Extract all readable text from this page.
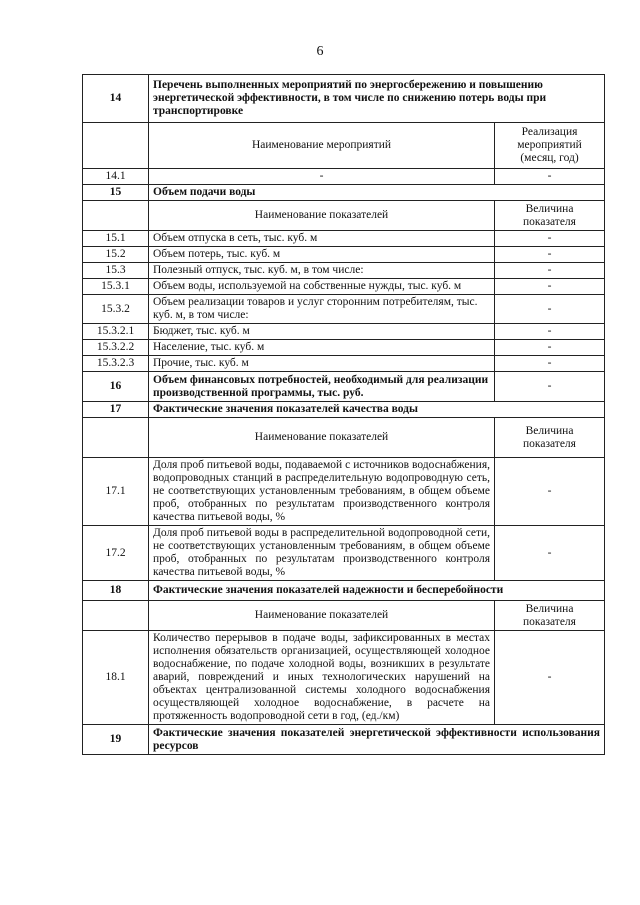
6
14	Перечень выполненных мероприятий по энергосбережению и повышению энергетической эффективности, в том числе по снижению потерь воды при транспортировке	
	Наименование мероприятий	Реализация мероприятий (месяц, год)
14.1	-	-
15	Объем подачи воды	
	Наименование показателей	Величина показателя
15.1	Объем отпуска в сеть, тыс. куб. м	-
15.2	Объем потерь, тыс. куб. м	-
15.3	Полезный отпуск, тыс. куб. м, в том числе:	-
15.3.1	Объем воды, используемой на собственные нужды, тыс. куб. м	-
15.3.2	Объем реализации товаров и услуг сторонним потребителям, тыс. куб. м, в том числе:	-
15.3.2.1	Бюджет, тыс. куб. м	-
15.3.2.2	Население, тыс. куб. м	-
15.3.2.3	Прочие, тыс. куб. м	-
16	Объем финансовых потребностей, необходимый для реализации производственной программы, тыс. руб.	-
17	Фактические значения показателей качества воды	
	Наименование показателей	Величина показателя
17.1	Доля проб питьевой воды, подаваемой с источников водоснабжения, водопроводных станций в распределительную водопроводную сеть, не соответствующих установленным требованиям, в общем объеме проб, отобранных по результатам производственного контроля качества питьевой воды, %	-
17.2	Доля проб питьевой воды в распределительной водопроводной сети, не соответствующих установленным требованиям, в общем объеме проб, отобранных по результатам производственного контроля качества питьевой воды, %	-
18	Фактические значения показателей надежности и бесперебойности	
	Наименование показателей	Величина показателя
18.1	Количество перерывов в подаче воды, зафиксированных в местах исполнения обязательств организацией, осуществляющей холодное водоснабжение, по подаче холодной воды, возникших в результате аварий, повреждений и иных технологических нарушений на объектах централизованной системы холодного водоснабжения осуществляющей холодное водоснабжение, в расчете на протяженность водопроводной сети в год, (ед./км)	-
19	Фактические значения показателей энергетической эффективности использования ресурсов	
